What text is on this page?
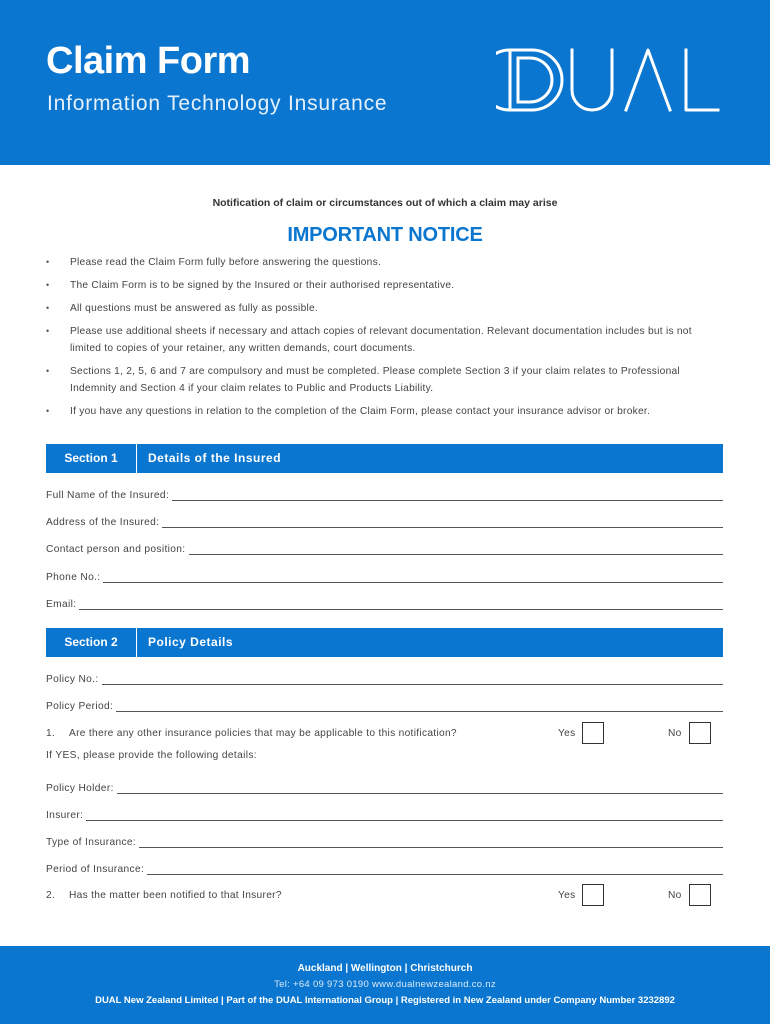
Claim Form
Information Technology Insurance
Notification of claim or circumstances out of which a claim may arise
IMPORTANT NOTICE
• Please read the Claim Form fully before answering the questions.
• The Claim Form is to be signed by the Insured or their authorised representative.
• All questions must be answered as fully as possible.
• Please use additional sheets if necessary and attach copies of relevant documentation. Relevant documentation includes but is not limited to copies of your retainer, any written demands, court documents.
• Sections 1, 2, 5, 6 and 7 are compulsory and must be completed. Please complete Section 3 if your claim relates to Professional Indemnity and Section 4 if your claim relates to Public and Products Liability.
• If you have any questions in relation to the completion of the Claim Form, please contact your insurance advisor or broker.
Section 1	Details of the Insured
Full Name of the Insured:
Address of the Insured:
Contact person and position:
Phone No.:
Email:
Section 2	Policy Details
Policy No.:
Policy Period:
1. Are there any other insurance policies that may be applicable to this notification?	Yes	No
If YES, please provide the following details:
Policy Holder:
Insurer:
Type of Insurance:
Period of Insurance:
2. Has the matter been notified to that Insurer?	Yes	No
Auckland | Wellington | Christchurch
Tel: +64 09 973 0190 www.dualnewzealand.co.nz
DUAL New Zealand Limited | Part of the DUAL International Group | Registered in New Zealand under Company Number 3232892
